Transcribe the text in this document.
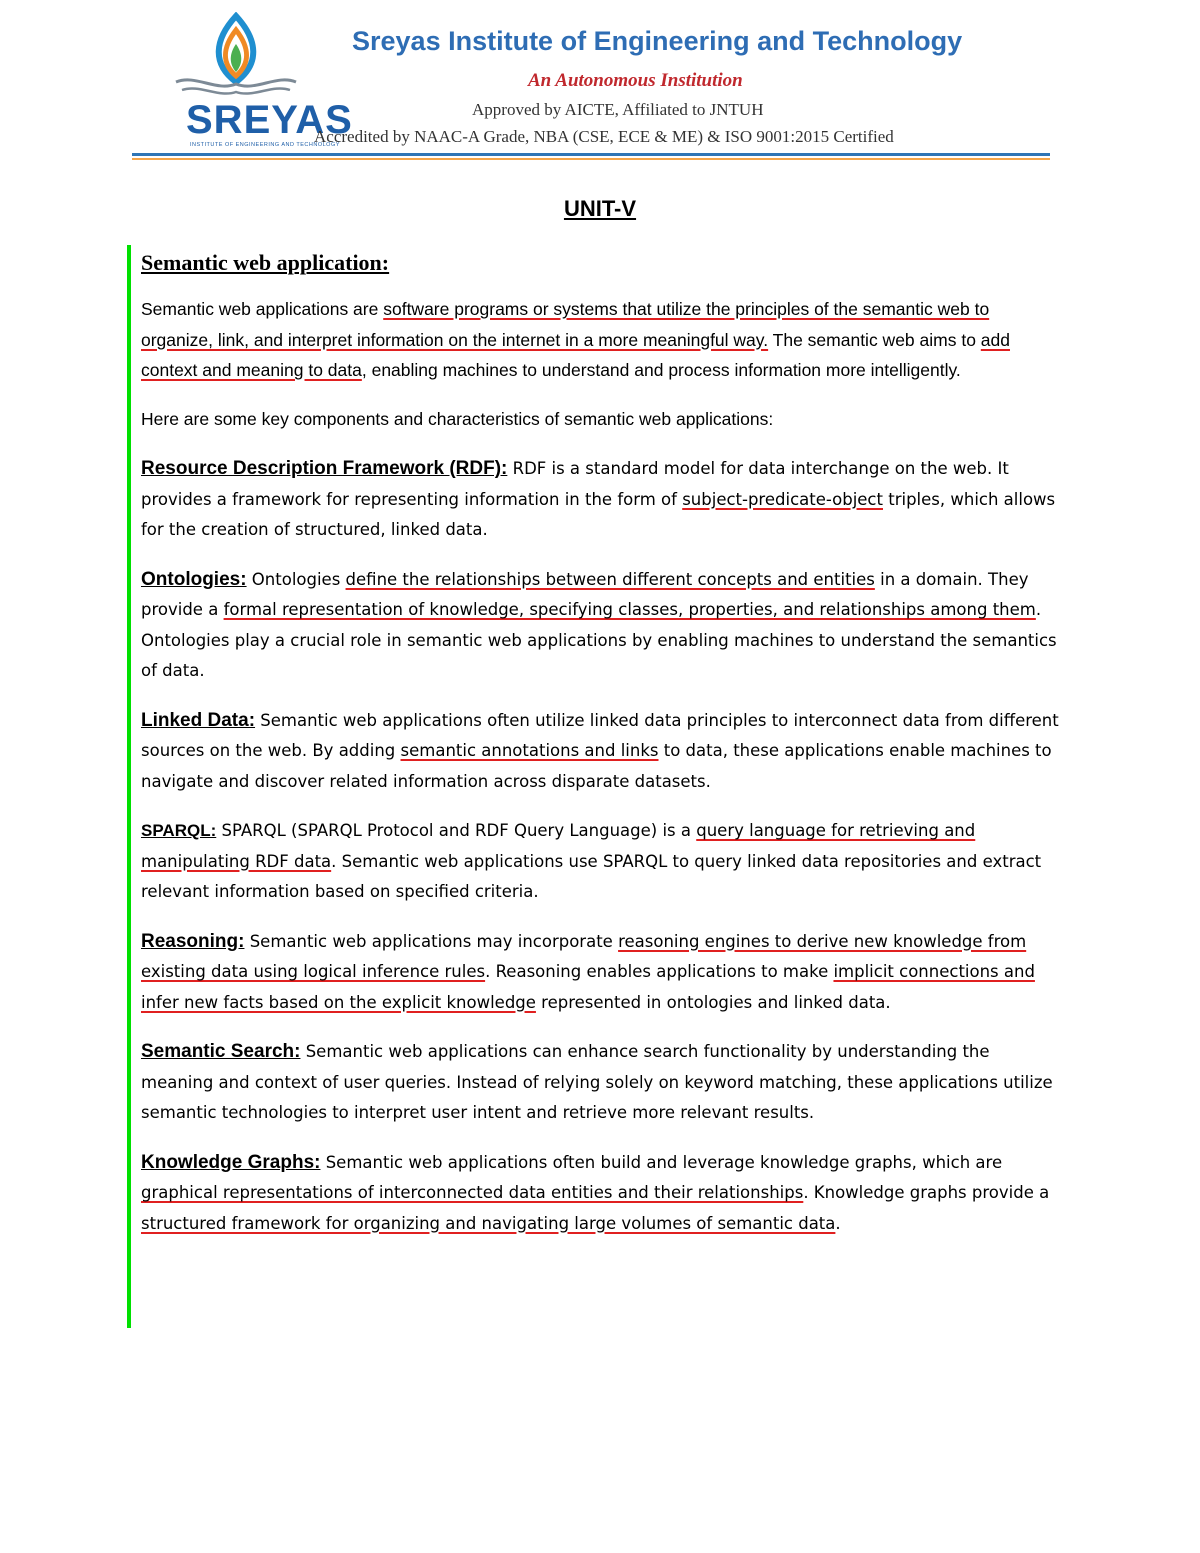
SREYAS
INSTITUTE OF ENGINEERING AND TECHNOLOGY
Sreyas Institute of Engineering and Technology
An Autonomous Institution
Approved by AICTE, Affiliated to JNTUH
Accredited by NAAC-A Grade, NBA (CSE, ECE & ME) & ISO 9001:2015 Certified
UNIT-V
Semantic web application:

Semantic web applications are software programs or systems that utilize the principles of the semantic web to organize, link, and interpret information on the internet in a more meaningful way. The semantic web aims to add context and meaning to data, enabling machines to understand and process information more intelligently.

Here are some key components and characteristics of semantic web applications:

Resource Description Framework (RDF): RDF is a standard model for data interchange on the web. It provides a framework for representing information in the form of subject-predicate-object triples, which allows for the creation of structured, linked data.

Ontologies: Ontologies define the relationships between different concepts and entities in a domain. They provide a formal representation of knowledge, specifying classes, properties, and relationships among them. Ontologies play a crucial role in semantic web applications by enabling machines to understand the semantics of data.

Linked Data: Semantic web applications often utilize linked data principles to interconnect data from different sources on the web. By adding semantic annotations and links to data, these applications enable machines to navigate and discover related information across disparate datasets.

SPARQL: SPARQL (SPARQL Protocol and RDF Query Language) is a query language for retrieving and manipulating RDF data. Semantic web applications use SPARQL to query linked data repositories and extract relevant information based on specified criteria.

Reasoning: Semantic web applications may incorporate reasoning engines to derive new knowledge from existing data using logical inference rules. Reasoning enables applications to make implicit connections and infer new facts based on the explicit knowledge represented in ontologies and linked data.

Semantic Search: Semantic web applications can enhance search functionality by understanding the meaning and context of user queries. Instead of relying solely on keyword matching, these applications utilize semantic technologies to interpret user intent and retrieve more relevant results.

Knowledge Graphs: Semantic web applications often build and leverage knowledge graphs, which are graphical representations of interconnected data entities and their relationships. Knowledge graphs provide a structured framework for organizing and navigating large volumes of semantic data.
